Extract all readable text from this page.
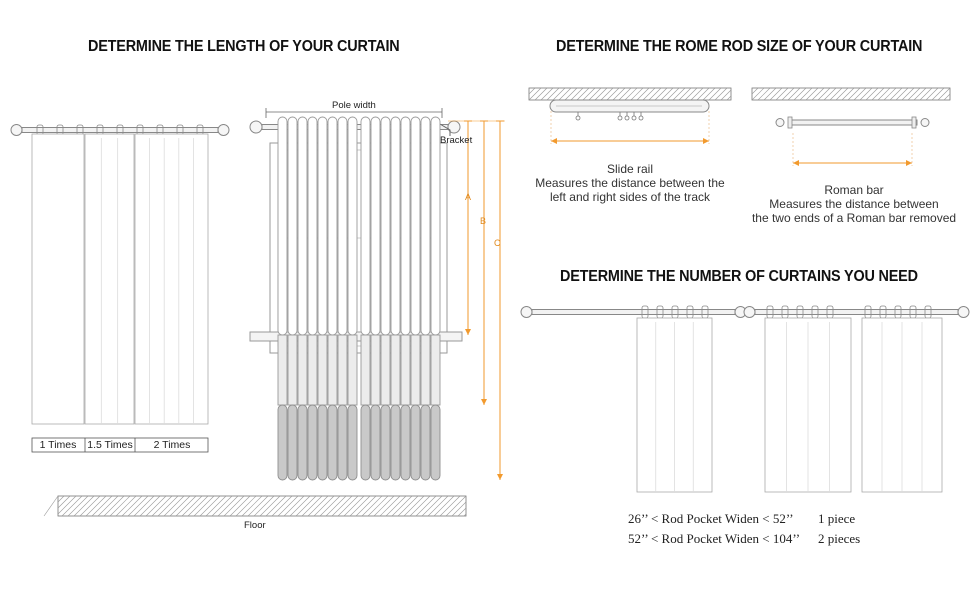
DETERMINE THE LENGTH OF YOUR CURTAIN	DETERMINE THE ROME ROD SIZE OF YOUR CURTAIN
DETERMINE THE NUMBER OF CURTAINS YOU NEED
1 Times	1.5 Times	2 Times
Pole width
Bracket
Floor
A
B
C
Slide rail
Measures the distance between the
left and right sides of the track	Roman bar
Measures the distance between
the two ends of a Roman bar removed
26’’ < Rod Pocket Widen < 52’’ 1 piece
52’’ < Rod Pocket Widen < 104’’ 2 pieces
